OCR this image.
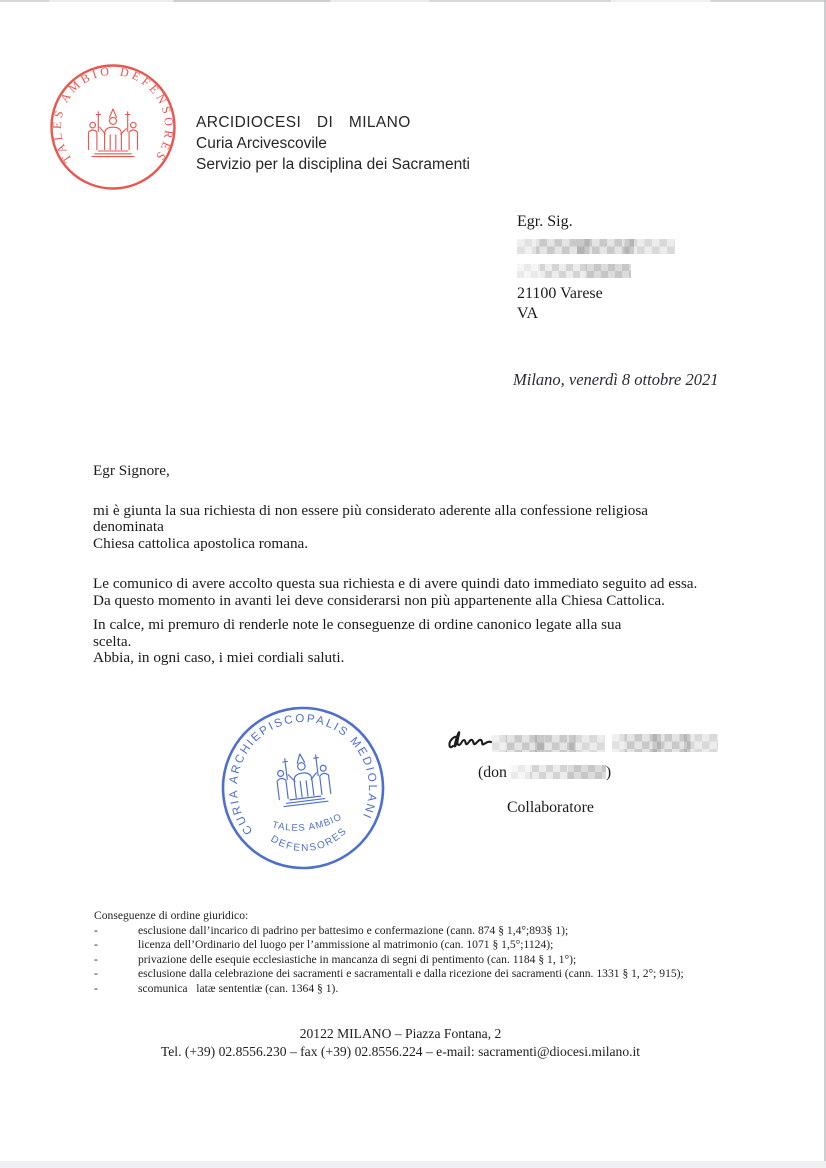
TALES AMBIO DEFENSORES
ARCIDIOCESI DI MILANO
Curia Arcivescovile
Servizio per la disciplina dei Sacramenti
Egr. Sig.
21100 Varese
VA
Milano, venerdì 8 ottobre 2021
Egr Signore,

mi è giunta la sua richiesta di non essere più considerato aderente alla confessione religiosa
denominata
Chiesa cattolica apostolica romana.

Le comunico di avere accolto questa sua richiesta e di avere quindi dato immediato seguito ad essa.
Da questo momento in avanti lei deve considerarsi non più appartenente alla Chiesa Cattolica.

In calce, mi premuro di renderle note le conseguenze di ordine canonico legate alla sua
scelta.
Abbia, in ogni caso, i miei cordiali saluti.

CURIA ARCHIEPISCOPALIS MEDIOLANI
TALES AMBIO
DEFENSORES
(don	)
Collaboratore
Conseguenze di ordine giuridico:
-	esclusione dall’incarico di padrino per battesimo e confermazione (cann. 874 § 1,4°;893§ 1);
-	licenza dell’Ordinario del luogo per l’ammissione al matrimonio (can. 1071 § 1,5°;1124);
-	privazione delle esequie ecclesiastiche in mancanza di segni di pentimento (can. 1184 § 1, 1°);
-	esclusione dalla celebrazione dei sacramenti e sacramentali e dalla ricezione dei sacramenti (cann. 1331 § 1, 2°; 915);
-	scomunica   latæ sententiæ (can. 1364 § 1).
20122 MILANO – Piazza Fontana, 2
Tel. (+39) 02.8556.230 – fax (+39) 02.8556.224 – e-mail: sacramenti@diocesi.milano.it
